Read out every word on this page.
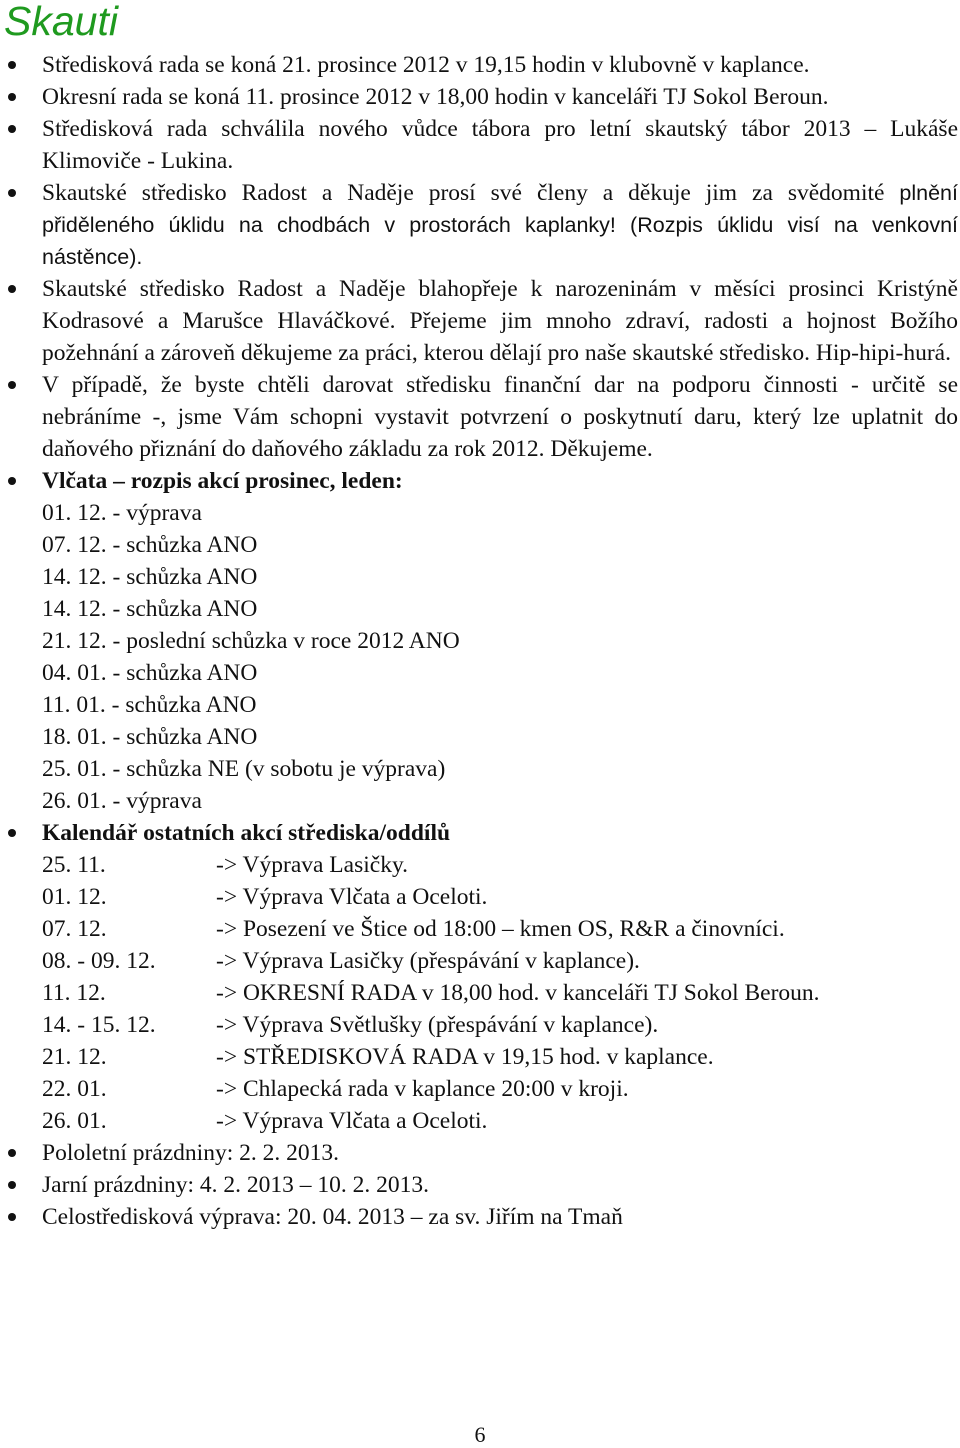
Skauti
Středisková rada se koná 21. prosince 2012 v 19,15 hodin v klubovně v kaplance.
Okresní rada se koná 11. prosince 2012 v 18,00 hodin v kanceláři TJ Sokol Beroun.
Středisková rada schválila nového vůdce tábora pro letní skautský tábor 2013 – Lukáše Klimoviče - Lukina.
Skautské středisko Radost a Naděje prosí své členy a děkuje jim za svědomité plnění přiděleného úklidu na chodbách v prostorách kaplanky! (Rozpis úklidu visí na venkovní nástěnce).
Skautské středisko Radost a Naděje blahopřeje k narozeninám v měsíci prosinci Kristýně Kodrasové a Marušce Hlaváčkové. Přejeme jim mnoho zdraví, radosti a hojnost Božího požehnání a zároveň děkujeme za práci, kterou dělají pro naše skautské středisko. Hip-hipi-hurá.
V případě, že byste chtěli darovat středisku finanční dar na podporu činnosti - určitě se nebráníme -, jsme Vám schopni vystavit potvrzení o poskytnutí daru, který lze uplatnit do daňového přiznání do daňového základu za rok 2012. Děkujeme.
Vlčata – rozpis akcí prosinec, leden:
01. 12. - výprava
07. 12. - schůzka ANO
14. 12. - schůzka ANO
14. 12. - schůzka ANO
21. 12. - poslední schůzka v roce 2012 ANO
04. 01. - schůzka ANO
11. 01. - schůzka ANO
18. 01. - schůzka ANO
25. 01. - schůzka NE (v sobotu je výprava)
26. 01. - výprava
Kalendář ostatních akcí střediska/oddílů
25. 11.	-> Výprava Lasičky.
01. 12.	-> Výprava Vlčata a Oceloti.
07. 12.	-> Posezení ve Štice od 18:00 – kmen OS, R&R a činovníci.
08. - 09. 12.	-> Výprava Lasičky (přespávání v kaplance).
11. 12.	-> OKRESNÍ RADA v 18,00 hod. v kanceláři TJ Sokol Beroun.
14. - 15. 12.	-> Výprava Světlušky (přespávání v kaplance).
21. 12.	-> STŘEDISKOVÁ RADA v 19,15 hod. v kaplance.
22. 01.	-> Chlapecká rada v kaplance 20:00 v kroji.
26. 01.	-> Výprava Vlčata a Oceloti.
Pololetní prázdniny: 2. 2. 2013.
Jarní prázdniny: 4. 2. 2013 – 10. 2. 2013.
Celostředisková výprava: 20. 04. 2013 – za sv. Jiřím na Tmaň
6
